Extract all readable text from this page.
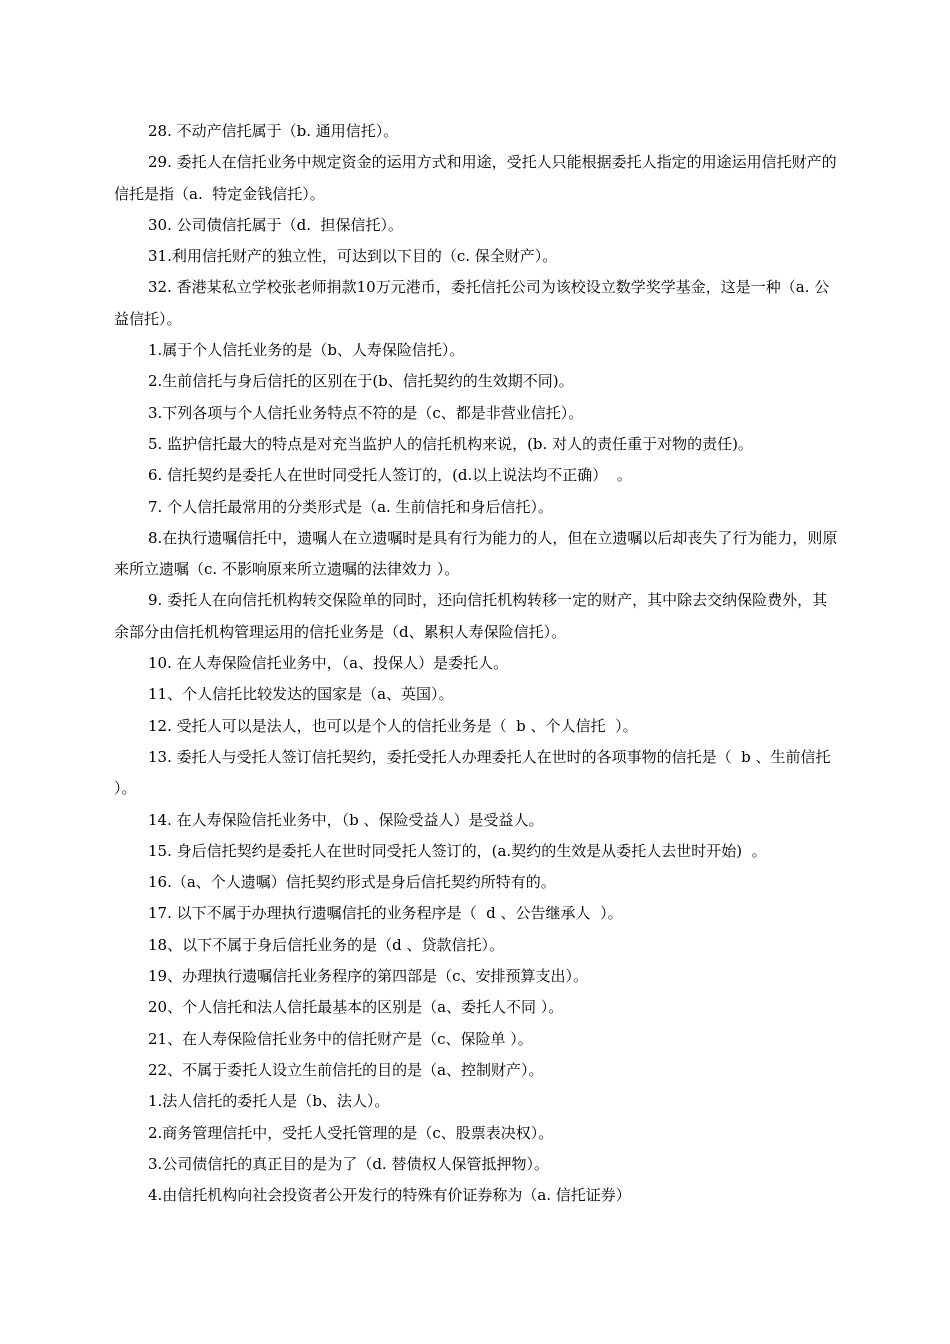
28. 不动产信托属于（b. 通用信托）。

29. 委托人在信托业务中规定资金的运用方式和用途，受托人只能根据委托人指定的用途运用信托财产的信托是指（a.  特定金钱信托）。

30. 公司债信托属于（d.  担保信托）。

31.利用信托财产的独立性，可达到以下目的（c. 保全财产）。

32. 香港某私立学校张老师捐款10万元港币，委托信托公司为该校设立数学奖学基金，这是一种（a. 公益信托）。

1.属于个人信托业务的是（b、人寿保险信托）。

2.生前信托与身后信托的区别在于(b、信托契约的生效期不同)。

3.下列各项与个人信托业务特点不符的是（c、都是非营业信托）。

5. 监护信托最大的特点是对充当监护人的信托机构来说，(b. 对人的责任重于对物的责任)。

6. 信托契约是委托人在世时同受托人签订的，(d.以上说法均不正确）  。

7. 个人信托最常用的分类形式是（a. 生前信托和身后信托）。

8.在执行遗嘱信托中，遗嘱人在立遗嘱时是具有行为能力的人，但在立遗嘱以后却丧失了行为能力，则原来所立遗嘱（c. 不影响原来所立遗嘱的法律效力 ）。

9. 委托人在向信托机构转交保险单的同时，还向信托机构转移一定的财产，其中除去交纳保险费外，其余部分由信托机构管理运用的信托业务是（d、累积人寿保险信托）。

10. 在人寿保险信托业务中，（a、投保人）是委托人。

11、个人信托比较发达的国家是（a、英国）。

12. 受托人可以是法人，也可以是个人的信托业务是（  b 、个人信托  ）。

13. 委托人与受托人签订信托契约，委托受托人办理委托人在世时的各项事物的信托是（  b 、生前信托   ）。

14. 在人寿保险信托业务中，（b 、保险受益人）是受益人。

15. 身后信托契约是委托人在世时同受托人签订的，(a.契约的生效是从委托人去世时开始)  。

16.（a、个人遗嘱）信托契约形式是身后信托契约所特有的。

17. 以下不属于办理执行遗嘱信托的业务程序是（  d 、公告继承人  ）。

18、以下不属于身后信托业务的是（d 、贷款信托）。

19、办理执行遗嘱信托业务程序的第四部是（c、安排预算支出）。

20、个人信托和法人信托最基本的区别是（a、委托人不同 ）。

21、在人寿保险信托业务中的信托财产是（c、保险单 ）。

22、不属于委托人设立生前信托的目的是（a、控制财产）。

1.法人信托的委托人是（b、法人）。

2.商务管理信托中，受托人受托管理的是（c、股票表决权）。

3.公司债信托的真正目的是为了（d. 替债权人保管抵押物）。

4.由信托机构向社会投资者公开发行的特殊有价证券称为（a. 信托证券）
